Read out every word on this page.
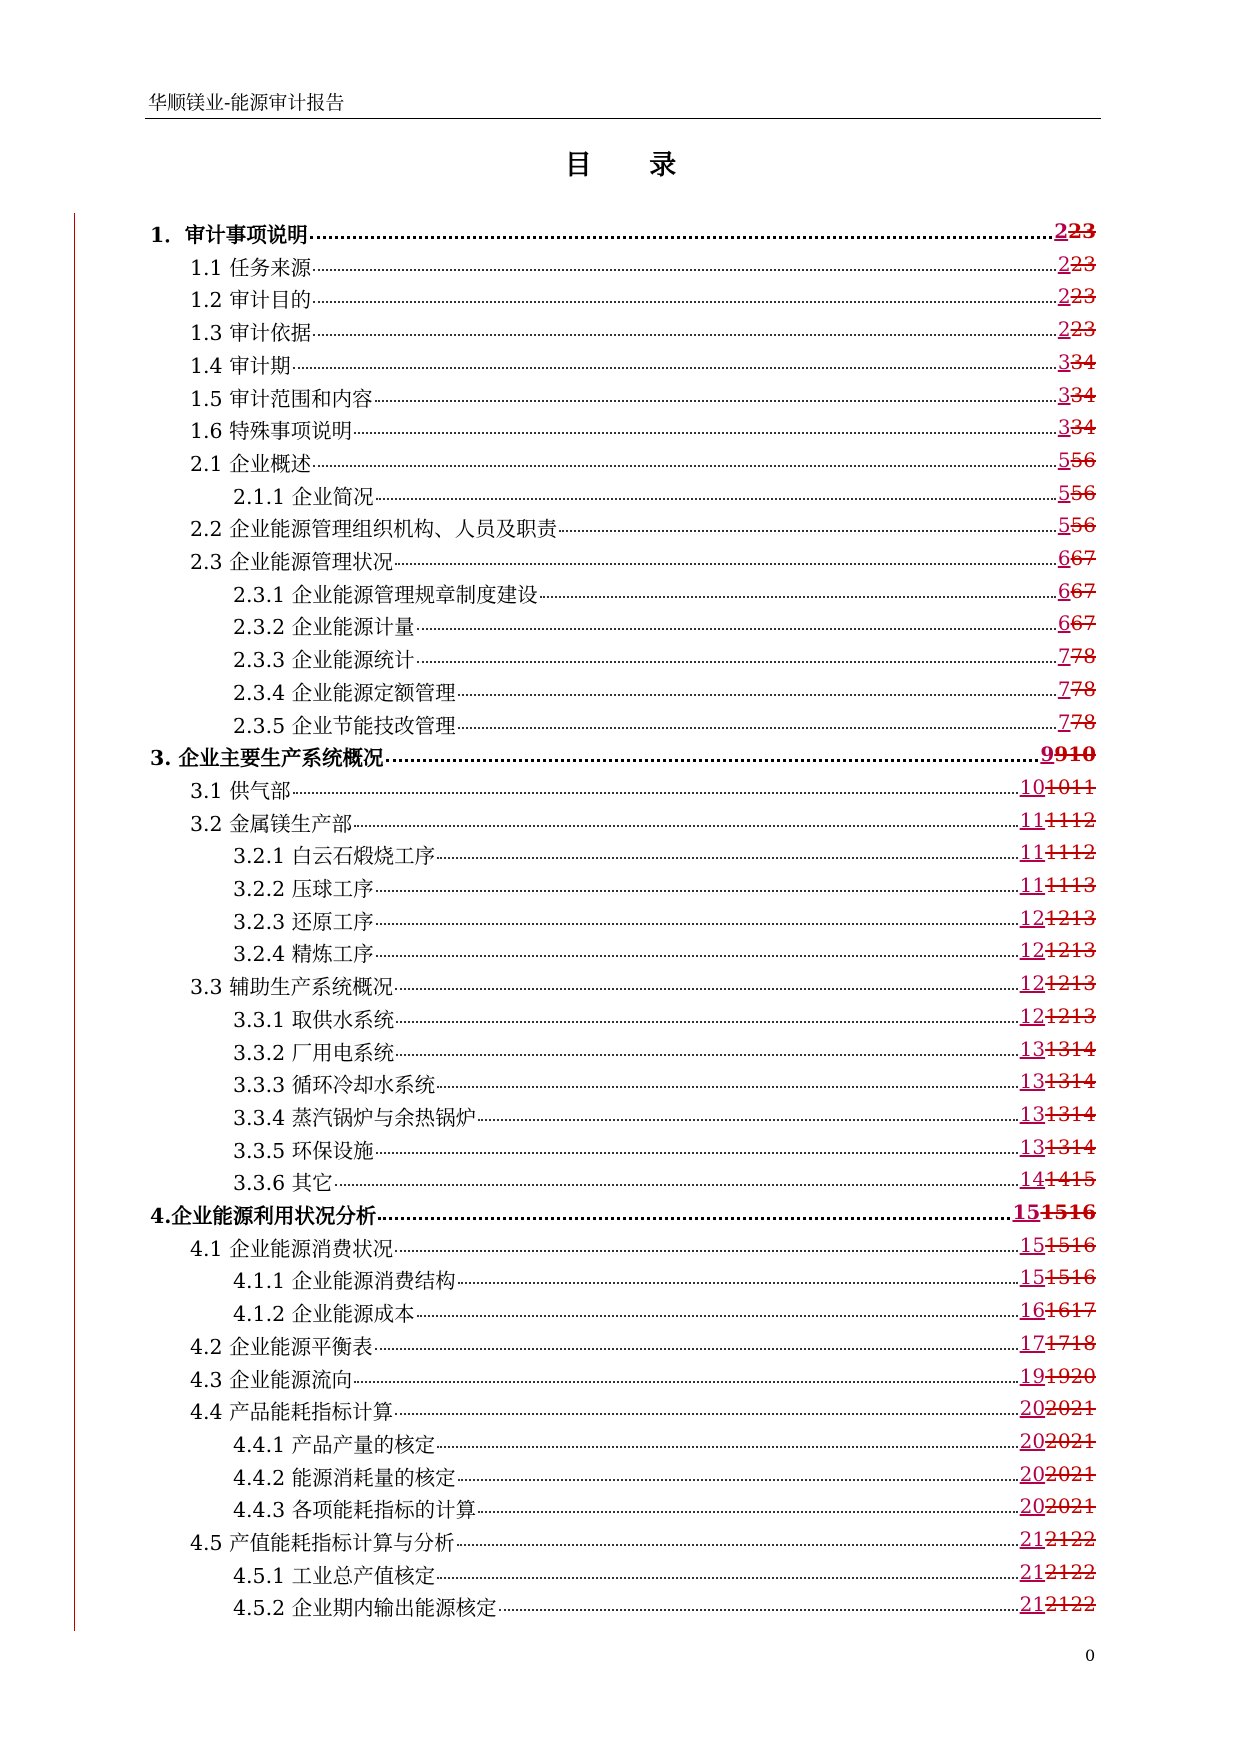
华顺镁业-能源审计报告
目 录
1．审计事项说明	223
1.1 任务来源	223
1.2 审计目的	223
1.3 审计依据	223
1.4 审计期	334
1.5 审计范围和内容	334
1.6 特殊事项说明	334
2.1 企业概述	556
2.1.1 企业简况	556
2.2 企业能源管理组织机构、人员及职责	556
2.3 企业能源管理状况	667
2.3.1 企业能源管理规章制度建设	667
2.3.2 企业能源计量	667
2.3.3 企业能源统计	778
2.3.4 企业能源定额管理	778
2.3.5 企业节能技改管理	778
3. 企业主要生产系统概况	9910
3.1 供气部	101011
3.2 金属镁生产部	111112
3.2.1 白云石煅烧工序	111112
3.2.2 压球工序	111113
3.2.3 还原工序	121213
3.2.4 精炼工序	121213
3.3 辅助生产系统概况	121213
3.3.1 取供水系统	121213
3.3.2 厂用电系统	131314
3.3.3 循环冷却水系统	131314
3.3.4 蒸汽锅炉与余热锅炉	131314
3.3.5 环保设施	131314
3.3.6 其它	141415
4.企业能源利用状况分析	151516
4.1 企业能源消费状况	151516
4.1.1 企业能源消费结构	151516
4.1.2 企业能源成本	161617
4.2 企业能源平衡表	171718
4.3 企业能源流向	191920
4.4 产品能耗指标计算	202021
4.4.1 产品产量的核定	202021
4.4.2 能源消耗量的核定	202021
4.4.3 各项能耗指标的计算	202021
4.5 产值能耗指标计算与分析	212122
4.5.1 工业总产值核定	212122
4.5.2 企业期内输出能源核定	212122
0
